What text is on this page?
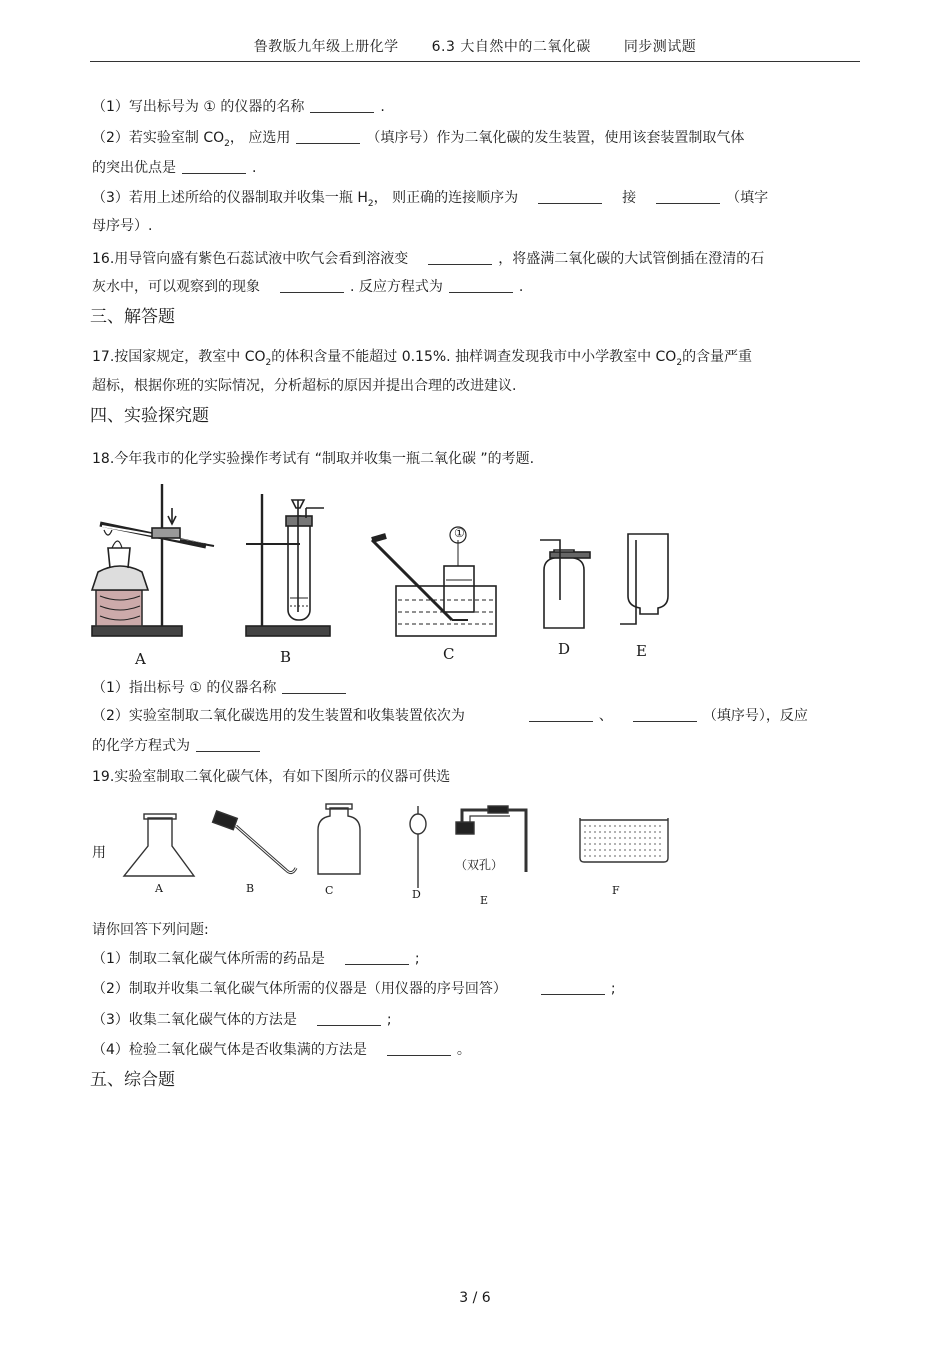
鲁教版九年级上册化学 6.3 大自然中的二氧化碳 同步测试题
（1）写出标号为 ① 的仪器的名称	.
（2）若实验室制 $CO_2$， 应选用	（填序号）作为二氧化碳的发生装置，使用该套装置制取气体
的突出优点是	.
（3）若用上述所给的仪器制取并收集一瓶 $H_2$， 则正确的连接顺序为	接	（填字
母序号）.
16.用导管向盛有紫色石蕊试液中吹气会看到溶液变	，将盛满二氧化碳的大试管倒插在澄清的石
灰水中，可以观察到的现象	. 反应方程式为	.
三、解答题
17.按国家规定，教室中 $CO_2$的体积含量不能超过 0.15%. 抽样调查发现我市中小学教室中 $CO_2$的含量严重
超标，根据你班的实际情况，分析超标的原因并提出合理的改进建议.
四、实验探究题
18.今年我市的化学实验操作考试有 “制取并收集一瓶二氧化碳 ”的考题.
①
A	B	C	D	E
（1）指出标号 ① 的仪器名称
（2）实验室制取二氧化碳选用的发生装置和收集装置依次为	、	（填序号），反应
的化学方程式为
19.实验室制取二氧化碳气体，有如下图所示的仪器可供选
用
A	B	C	D
（双孔）
E
F
请你回答下列问题:
（1）制取二氧化碳气体所需的药品是	;
（2）制取并收集二氧化碳气体所需的仪器是（用仪器的序号回答）	;
（3）收集二氧化碳气体的方法是	;
（4）检验二氧化碳气体是否收集满的方法是	。
五、综合题
3 / 6
